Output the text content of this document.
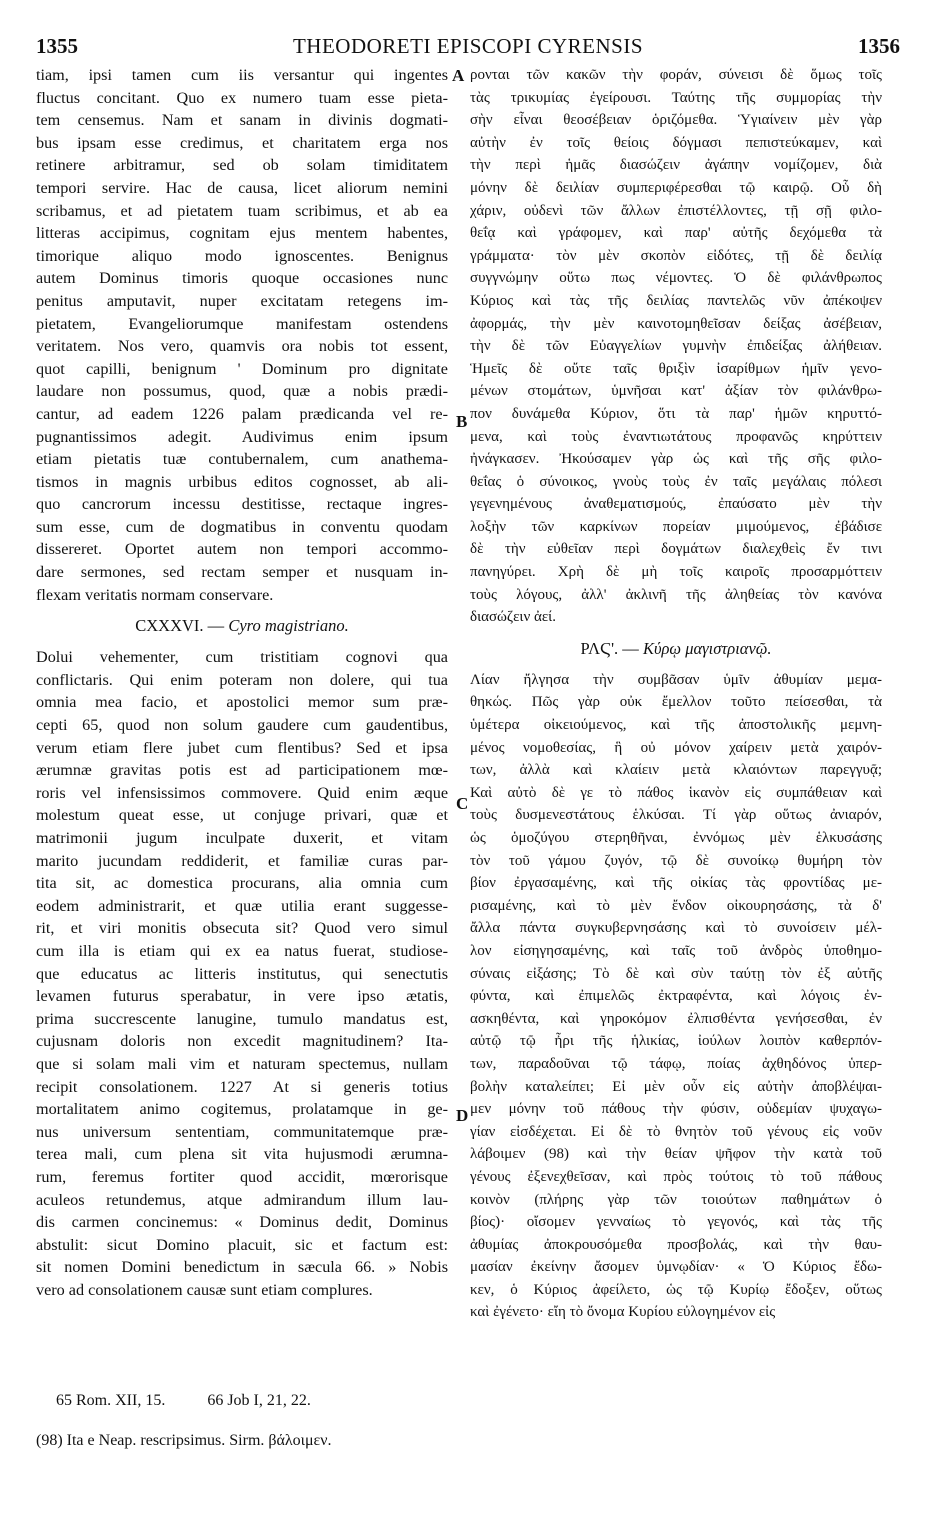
1355	THEODORETI EPISCOPI CYRENSIS	1356
tiam, ipsi tamen cum iis versantur qui ingentes
fluctus concitant. Quo ex numero tuam esse pieta-
tem censemus. Nam et sanam in divinis dogmati-
bus ipsam esse credimus, et charitatem erga nos
retinere arbitramur, sed ob solam timiditatem
tempori servire. Hac de causa, licet aliorum nemini
scribamus, et ad pietatem tuam scribimus, et ab ea
litteras accipimus, cognitam ejus mentem habentes,
timorique aliquo modo ignoscentes. Benignus
autem Dominus timoris quoque occasiones nunc
penitus amputavit, nuper excitatam retegens im-
pietatem, Evangeliorumque manifestam ostendens
veritatem. Nos vero, quamvis ora nobis tot essent,
quot capilli, benignum ' Dominum pro dignitate
laudare non possumus, quod, quæ a nobis prædi-
cantur, ad eadem 1226 palam prædicanda vel re-
pugnantissimos adegit. Audivimus enim ipsum
etiam pietatis tuæ contubernalem, cum anathema-
tismos in magnis urbibus editos cognosset, ab ali-
quo cancrorum incessu destitisse, rectaque ingres-
sum esse, cum de dogmatibus in conventu quodam
dissereret. Oportet autem non tempori accommo-
dare sermones, sed rectam semper et nusquam in-
flexam veritatis normam conservare.
CXXXVI. — Cyro magistriano.
Dolui vehementer, cum tristitiam cognovi qua
conflictaris. Qui enim poteram non dolere, qui tua
omnia mea facio, et apostolici memor sum præ-
cepti 65, quod non solum gaudere cum gaudentibus,
verum etiam flere jubet cum flentibus? Sed et ipsa
ærumnæ gravitas potis est ad participationem mœ-
roris vel infensissimos commovere. Quid enim æque
molestum queat esse, ut conjuge privari, quæ et
matrimonii jugum inculpate duxerit, et vitam
marito jucundam reddiderit, et familiæ curas par-
tita sit, ac domestica procurans, alia omnia cum
eodem administrarit, et quæ utilia erant suggesse-
rit, et viri monitis obsecuta sit? Quod vero simul
cum illa is etiam qui ex ea natus fuerat, studiose-
que educatus ac litteris institutus, qui senectutis
levamen futurus sperabatur, in vere ipso ætatis,
prima succrescente lanugine, tumulo mandatus est,
cujusnam doloris non excedit magnitudinem? Ita-
que si solam mali vim et naturam spectemus, nullam
recipit consolationem. 1227 At si generis totius
mortalitatem animo cogitemus, prolatamque in ge-
nus universum sententiam, communitatemque præ-
terea mali, cum plena sit vita hujusmodi ærumna-
rum, feremus fortiter quod accidit, mœrorisque
aculeos retundemus, atque admirandum illum lau-
dis carmen concinemus: « Dominus dedit, Dominus
abstulit: sicut Domino placuit, sic et factum est:
sit nomen Domini benedictum in sæcula 66. » Nobis
vero ad consolationem causæ sunt etiam complures.
ρονται τῶν κακῶν τὴν φοράν, σύνεισι δὲ ὅμως τοῖς
τὰς τρικυμίας ἐγείρουσι. Ταύτης τῆς συμμορίας τὴν
σὴν εἶναι θεοσέβειαν ὁριζόμεθα. Ὑγιαίνειν μὲν γὰρ
αὐτὴν ἐν τοῖς θείοις δόγμασι πεπιστεύκαμεν, καὶ
τὴν περὶ ἡμᾶς διασώζειν ἀγάπην νομίζομεν, διὰ
μόνην δὲ δειλίαν συμπεριφέρεσθαι τῷ καιρῷ. Οὗ δὴ
χάριν, οὐδενὶ τῶν ἄλλων ἐπιστέλλοντες, τῇ σῇ φιλο-
θεΐᾳ καὶ γράφομεν, καὶ παρ' αὐτῆς δεχόμεθα τὰ
γράμματα· τὸν μὲν σκοπὸν εἰδότες, τῇ δὲ δειλίᾳ
συγγνώμην οὕτω πως νέμοντες. Ὁ δὲ φιλάνθρωπος
Κύριος καὶ τὰς τῆς δειλίας παντελῶς νῦν ἀπέκοψεν
ἀφορμάς, τὴν μὲν καινοτομηθεῖσαν δείξας ἀσέβειαν,
τὴν δὲ τῶν Εὐαγγελίων γυμνὴν ἐπιδείξας ἀλήθειαν.
Ἡμεῖς δὲ οὔτε ταῖς θριξὶν ἰσαρίθμων ἡμῖν γενο-
μένων στομάτων, ὑμνῆσαι κατ' ἀξίαν τὸν φιλάνθρω-
πον δυνάμεθα Κύριον, ὅτι τὰ παρ' ἡμῶν κηρυττό-
μενα, καὶ τοὺς ἐναντιωτάτους προφανῶς κηρύττειν
ἠνάγκασεν. Ἠκούσαμεν γὰρ ὡς καὶ τῆς σῆς φιλο-
θεΐας ὁ σύνοικος, γνοὺς τοὺς ἐν ταῖς μεγάλαις πόλεσι
γεγενημένους ἀναθεματισμούς, ἐπαύσατο μὲν τὴν
λοξὴν τῶν καρκίνων πορείαν μιμούμενος, ἐβάδισε
δὲ τὴν εὐθεῖαν περὶ δογμάτων διαλεχθεὶς ἔν τινι
πανηγύρει. Χρὴ δὲ μὴ τοῖς καιροῖς προσαρμόττειν
τοὺς λόγους, ἀλλ' ἀκλινῆ τῆς ἀληθείας τὸν κανόνα
διασώζειν ἀεί.
ΡΛϚ'. — Κύρῳ μαγιστριανῷ.
Λίαν ἤλγησα τὴν συμβᾶσαν ὑμῖν ἀθυμίαν μεμα-
θηκώς. Πῶς γὰρ οὐκ ἔμελλον τοῦτο πείσεσθαι, τὰ
ὑμέτερα οἰκειούμενος, καὶ τῆς ἀποστολικῆς μεμνη-
μένος νομοθεσίας, ἣ οὐ μόνον χαίρειν μετὰ χαιρόν-
των, ἀλλὰ καὶ κλαίειν μετὰ κλαιόντων παρεγγυᾷ;
Καὶ αὐτὸ δὲ γε τὸ πάθος ἱκανὸν εἰς συμπάθειαν καὶ
τοὺς δυσμενεστάτους ἑλκύσαι. Τί γὰρ οὕτως ἀνιαρόν,
ὡς ὁμοζύγου στερηθῆναι, ἐννόμως μὲν ἑλκυσάσης
τὸν τοῦ γάμου ζυγόν, τῷ δὲ συνοίκῳ θυμήρη τὸν
βίον ἐργασαμένης, καὶ τῆς οἰκίας τὰς φροντίδας με-
ρισαμένης, καὶ τὸ μὲν ἔνδον οἰκουρησάσης, τὰ δ'
ἄλλα πάντα συγκυβερνησάσης καὶ τὸ συνοίσειν μέλ-
λον εἰσηγησαμένης, καὶ ταῖς τοῦ ἀνδρὸς ὑποθημο-
σύναις εἰξάσης; Τὸ δὲ καὶ σὺν ταύτῃ τὸν ἐξ αὐτῆς
φύντα, καὶ ἐπιμελῶς ἐκτραφέντα, καὶ λόγοις ἐν-
ασκηθέντα, καὶ γηροκόμον ἐλπισθέντα γενήσεσθαι, ἐν
αὐτῷ τῷ ἦρι τῆς ἡλικίας, ἰούλων λοιπὸν καθερπόν-
των, παραδοῦναι τῷ τάφῳ, ποίας ἀχθηδόνος ὑπερ-
βολὴν καταλείπει; Εἰ μὲν οὖν εἰς αὐτὴν ἀποβλέψαι-
μεν μόνην τοῦ πάθους τὴν φύσιν, οὐδεμίαν ψυχαγω-
γίαν εἰσδέχεται. Εἰ δὲ τὸ θνητὸν τοῦ γένους εἰς νοῦν
λάβοιμεν (98) καὶ τὴν θείαν ψῆφον τὴν κατὰ τοῦ
γένους ἐξενεχθεῖσαν, καὶ πρὸς τούτοις τὸ τοῦ πάθους
κοινὸν (πλήρης γὰρ τῶν τοιούτων παθημάτων ὁ
βίος)· οἴσομεν γενναίως τὸ γεγονός, καὶ τὰς τῆς
ἀθυμίας ἀποκρουσόμεθα προσβολάς, καὶ τὴν θαυ-
μασίαν ἐκείνην ἄσομεν ὑμνῳδίαν· « Ὁ Κύριος ἔδω-
κεν, ὁ Κύριος ἀφείλετο, ὡς τῷ Κυρίῳ ἔδοξεν, οὕτως
καὶ ἐγένετο· εἴη τὸ ὄνομα Κυρίου εὐλογημένον εἰς
A
B
C
D
65 Rom. XII, 15.	66 Job I, 21, 22.
(98) Ita e Neap. rescripsimus. Sirm. βάλοιμεν.
